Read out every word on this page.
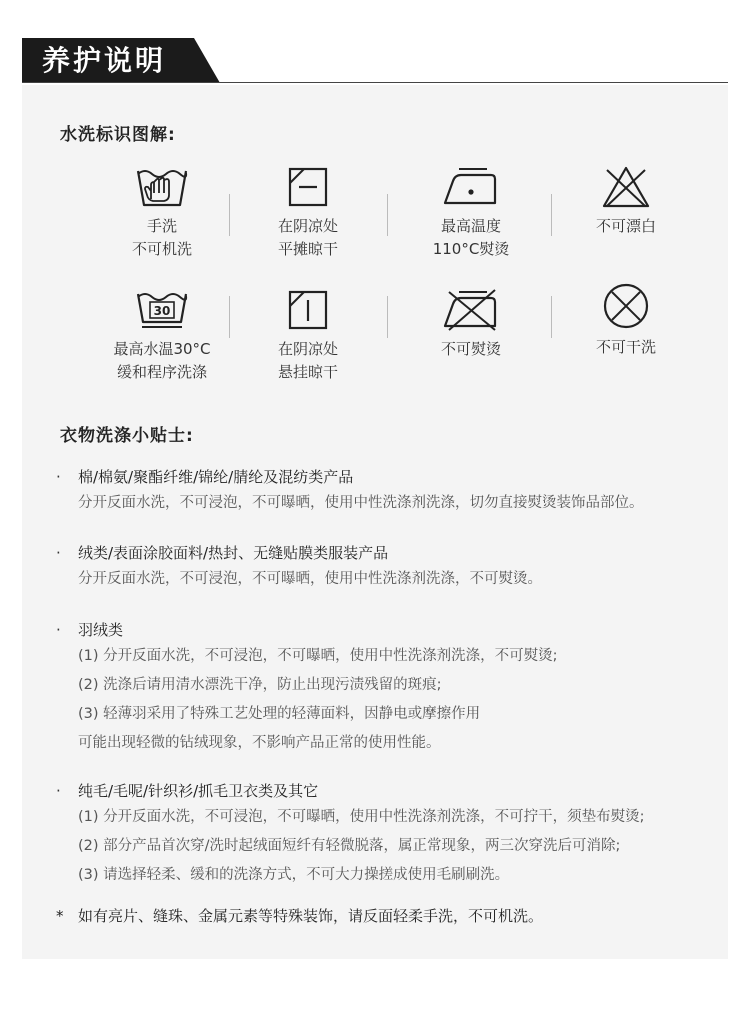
养护说明
水洗标识图解:
手洗
不可机洗
在阴凉处
平摊晾干
最高温度
110°C熨烫
不可漂白
30
最高水温30°C
缓和程序洗涤
在阴凉处
悬挂晾干
不可熨烫	不可干洗
衣物洗涤小贴士:
· 棉/棉氨/聚酯纤维/锦纶/腈纶及混纺类产品
分开反面水洗，不可浸泡，不可曝晒，使用中性洗涤剂洗涤，切勿直接熨烫装饰品部位。
· 绒类/表面涂胶面料/热封、无缝贴膜类服装产品
分开反面水洗，不可浸泡，不可曝晒，使用中性洗涤剂洗涤，不可熨烫。
· 羽绒类
(1) 分开反面水洗，不可浸泡，不可曝晒，使用中性洗涤剂洗涤，不可熨烫;
(2) 洗涤后请用清水漂洗干净，防止出现污渍残留的斑痕;
(3) 轻薄羽采用了特殊工艺处理的轻薄面料，因静电或摩擦作用
可能出现轻微的钻绒现象，不影响产品正常的使用性能。
· 纯毛/毛呢/针织衫/抓毛卫衣类及其它
(1) 分开反面水洗，不可浸泡，不可曝晒，使用中性洗涤剂洗涤，不可拧干，须垫布熨烫;
(2) 部分产品首次穿/洗时起绒面短纤有轻微脱落，属正常现象，两三次穿洗后可消除;
(3) 请选择轻柔、缓和的洗涤方式，不可大力操搓成使用毛刷刷洗。
* 如有亮片、缝珠、金属元素等特殊装饰，请反面轻柔手洗，不可机洗。
